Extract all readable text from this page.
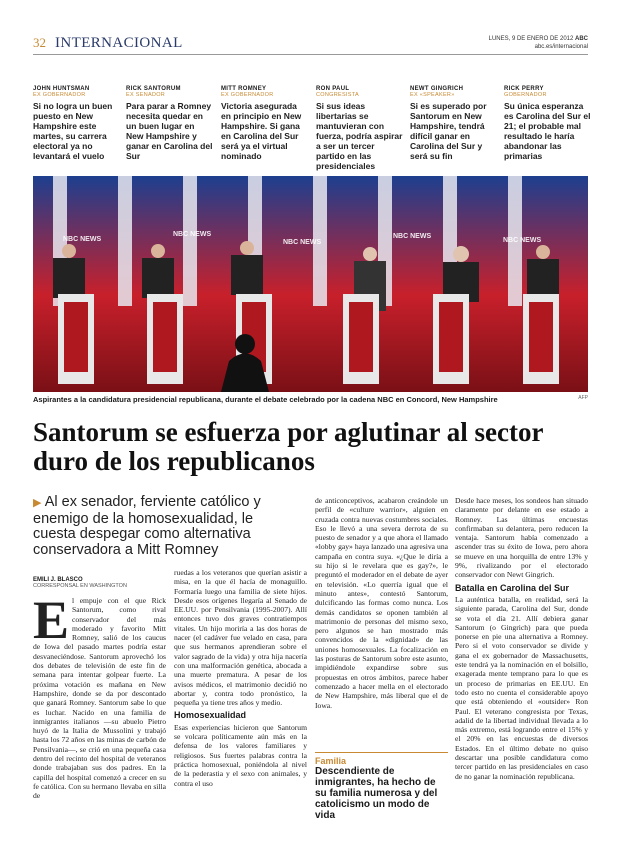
32 INTERNACIONAL	LUNES, 9 DE ENERO DE 2012 ABC
abc.es/internacional
JOHN HUNTSMAN
EX GOBERNADOR
Si no logra un buen puesto en New Hampshire este martes, su carrera electoral ya no levantará el vuelo
RICK SANTORUM
EX SENADOR
Para parar a Romney necesita quedar en un buen lugar en New Hampshire y ganar en Carolina del Sur
MITT ROMNEY
EX GOBERNADOR
Victoria asegurada en principio en New Hampshire. Si gana en Carolina del Sur será ya el virtual nominado
RON PAUL
CONGRESISTA
Si sus ideas libertarias se mantuvieran con fuerza, podría aspirar a ser un tercer partido en las presidenciales
NEWT GINGRICH
EX «SPEAKER»
Si es superado por Santorum en New Hampshire, tendrá difícil ganar en Carolina del Sur y será su fin
RICK PERRY
GOBERNADOR
Su única esperanza es Carolina del Sur el 21; el probable mal resultado le haría abandonar las primarias
NBC NEWS
NBC NEWS
NBC NEWS
NBC NEWS
NBC NEWS
Aspirantes a la candidatura presidencial republicana, durante el debate celebrado por la cadena NBC en Concord, New Hampshire	AFP
Santorum se esfuerza por aglutinar al sector duro de los republicanos
▶ Al ex senador, ferviente católico y enemigo de la homosexualidad, le cuesta despegar como alternativa conservadora a Mitt Romney
EMILI J. BLASCO
CORRESPONSAL EN WASHINGTON
E l empuje con el que Rick Santorum, como rival conservador del más moderado y favorito Mitt Romney, salió de los caucus de Iowa del pasado martes podría estar desvaneciéndose. Santorum aprovechó los dos debates de televisión de este fin de semana para intentar golpear fuerte. La próxima votación es mañana en New Hampshire, donde se da por descontado que ganará Romney. Santorum sabe lo que es luchar. Nacido en una familia de inmigrantes italianos —su abuelo Pietro huyó de la Italia de Mussolini y trabajó hasta los 72 años en las minas de carbón de Pensilvania—, se crió en una pequeña casa dentro del recinto del hospital de veteranos donde trabajaban sus dos padres. En la capilla del hospital comenzó a crecer en su fe católica. Con su hermano llevaba en silla de

ruedas a los veteranos que querían asistir a misa, en la que él hacía de monaguillo. Formaría luego una familia de siete hijos. Desde esos orígenes llegaría al Senado de EE.UU. por Pensilvania (1995-2007). Allí entonces tuvo dos graves contratiempos vitales. Un hijo moriría a las dos horas de nacer (el cadáver fue velado en casa, para que sus hermanos aprendieran sobre el valor sagrado de la vida) y otra hija nacería con una malformación genética, abocada a una muerte prematura. A pesar de los avisos médicos, el matrimonio decidió no abortar y, contra todo pronóstico, la pequeña ya tiene tres años y medio.

Homosexualidad

Esas experiencias hicieron que Santorum se volcara políticamente aún más en la defensa de los valores familiares y religiosos. Sus fuertes palabras contra la práctica homosexual, poniéndola al nivel de la pederastia y el sexo con animales, y contra el uso

de anticonceptivos, acabaron creándole un perfil de «culture warrior», alguien en cruzada contra nuevas costumbres sociales. Eso le llevó a una severa derrota de su puesto de senador y a que ahora el llamado «lobby gay» haya lanzado una agresiva una campaña en contra suya. «¿Que le diría a su hijo si le revelara que es gay?», le preguntó el moderador en el debate de ayer en televisión. «Lo querría igual que el minuto antes», contestó Santorum, dulcificando las formas como nunca. Los demás candidatos se oponen también al matrimonio de personas del mismo sexo, pero algunos se han mostrado más convencidos de la «dignidad» de las uniones homosexuales. La focalización en las posturas de Santorum sobre este asunto, impidiéndole expandirse sobre sus propuestas en otros ámbitos, parece haber comenzado a hacer mella en el electorado de New Hampshire, más liberal que el de Iowa.

Desde hace meses, los sondeos han situado claramente por delante en ese estado a Romney. Las últimas encuestas confirmaban su delantera, pero reducen la ventaja. Santorum había comenzado a ascender tras su éxito de Iowa, pero ahora se mueve en una horquilla de entre 13% y 9%, rivalizando por el electorado conservador con Newt Gingrich.

Batalla en Carolina del Sur

La auténtica batalla, en realidad, será la siguiente parada, Carolina del Sur, donde se vota el día 21. Allí debiera ganar Santorum (o Gingrich) para que pueda ponerse en pie una alternativa a Romney. Pero si el voto conservador se divide y gana el ex gobernador de Massachusetts, este tendrá ya la nominación en el bolsillo, exagerada mente temprano para lo que es un proceso de primarias en EE.UU. En todo esto no cuenta el considerable apoyo que está obteniendo el «outsider» Ron Paul. El veterano congresista por Texas, adalid de la libertad individual llevada a lo más extremo, está logrando entre el 15% y el 20% en las encuestas de diversos Estados. En el último debate no quiso descartar una posible candidatura como tercer partido en las presidenciales en caso de no ganar la nominación republicana.

Familia
Descendiente de inmigrantes, ha hecho de su familia numerosa y del catolicismo un modo de vida
